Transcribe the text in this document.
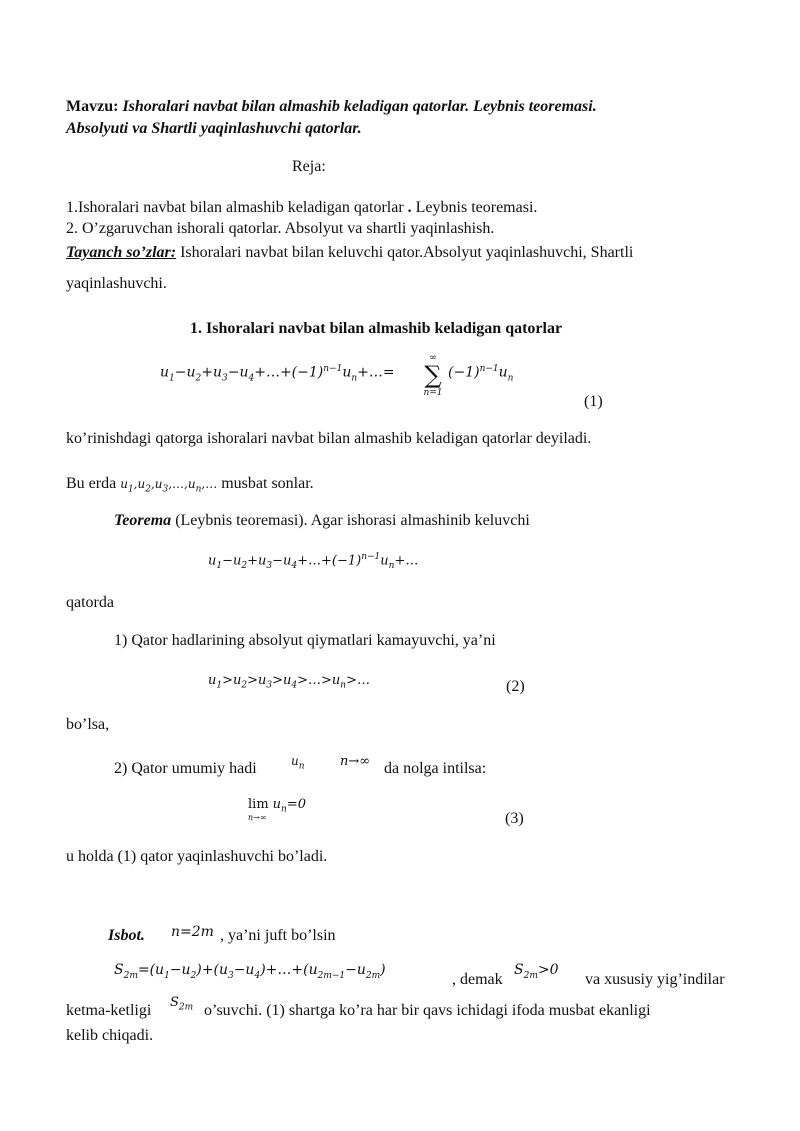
Mavzu: Ishoralari navbat bilan almashib keladigan qatorlar. Leybnis teoremasi.
Absolyuti va Shartli yaqinlashuvchi qatorlar.
Reja:
1.Ishoralari navbat bilan almashib keladigan qatorlar . Leybnis teoremasi.
2. O’zgaruvchan ishorali qatorlar. Absolyut va shartli yaqinlashish.
Tayanch so’zlar: Ishoralari navbat bilan keluvchi qator.Absolyut yaqinlashuvchi, Shartli
yaqinlashuvchi.
1. Ishoralari navbat bilan almashib keladigan qatorlar
$u_1-u_2+u_3-u_4+\dots+(-1)^{n-1}u_n+\dots=$
∞
∑
n=1
$(-1)^{n-1}u_n$
(1)
ko’rinishdagi qatorga ishoralari navbat bilan almashib keladigan qatorlar deyiladi.
Bu erda $u_1,u_2,u_3,\dots,u_n,\dots$ musbat sonlar.
Teorema (Leybnis teoremasi). Agar ishorasi almashinib keluvchi
$u_1-u_2+u_3-u_4+\dots+(-1)^{n-1}u_n+\dots$
qatorda
1) Qator hadlarining absolyut qiymatlari kamayuvchi, ya’ni
$u_1>u_2>u_3>u_4>\dots>u_n>\dots$	(2)
bo’lsa,
2) Qator umumiy hadi	$u_n$	n→∞ da nolga intilsa:
$\lim u_n=0$
n→∞	(3)
u holda (1) qator yaqinlashuvchi bo’ladi.
Isbot. n=2m , ya’ni juft bo’lsin
$S_{2m}=(u_1-u_2)+(u_3-u_4)+\dots+(u_{2m-1}-u_{2m})$
, demak
$S_{2m}>0$
va xususiy yig’indilar
ketma-ketligi $S_{2m}$ o’suvchi. (1) shartga ko’ra har bir qavs ichidagi ifoda musbat ekanligi
kelib chiqadi.
